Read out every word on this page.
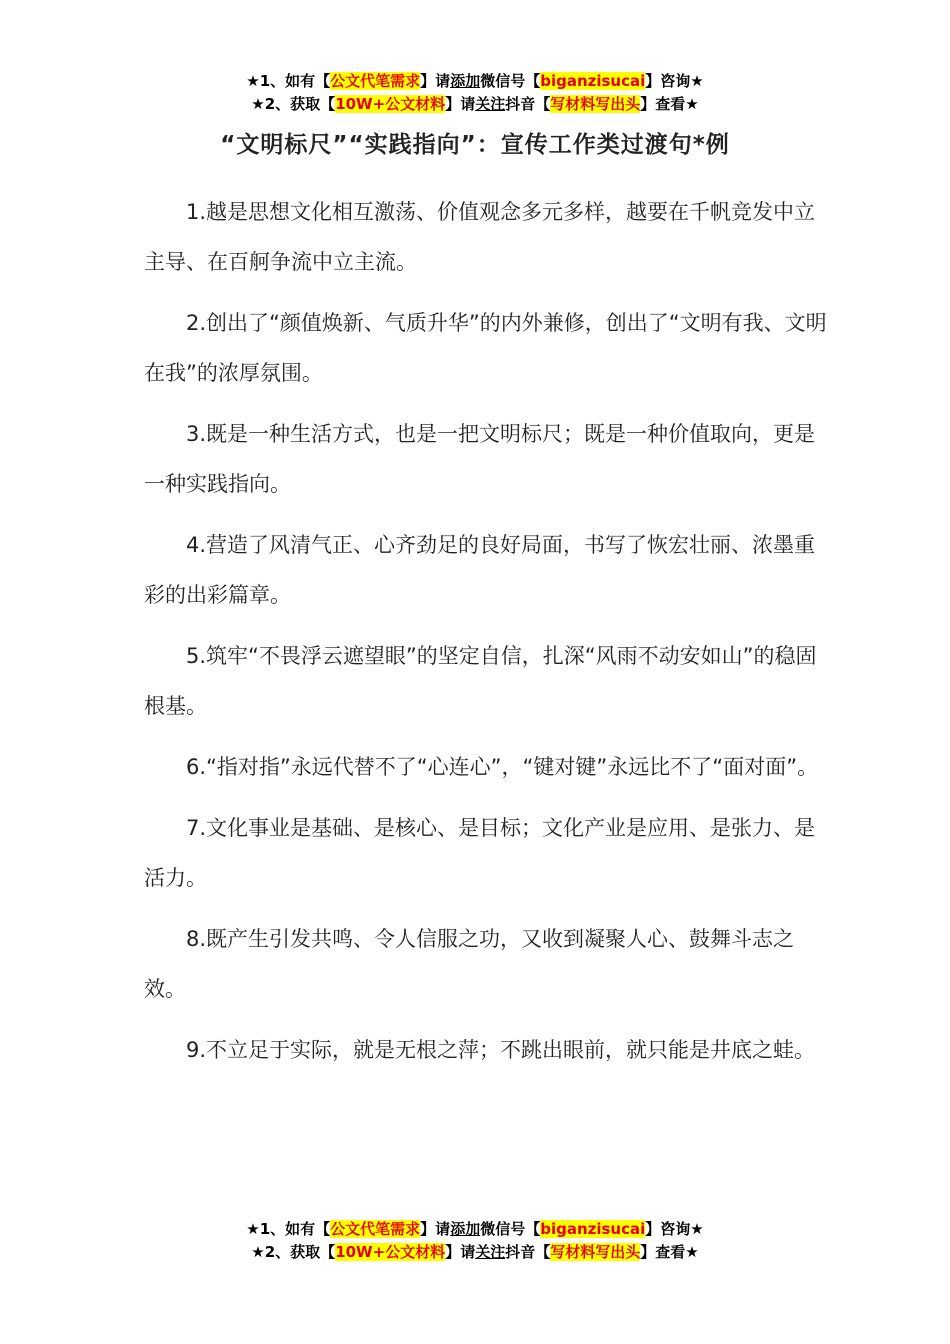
★1、如有【公文代笔需求】请添加微信号【biganzisucai】咨询★
★2、获取【10W+公文材料】请关注抖音【写材料写出头】查看★
“文明标尺”“实践指向”：宣传工作类过渡句*例

1.越是思想文化相互激荡、价值观念多元多样，越要在千帆竞发中立主导、在百舸争流中立主流。

2.创出了“颜值焕新、气质升华”的内外兼修，创出了“文明有我、文明在我”的浓厚氛围。

3.既是一种生活方式，也是一把文明标尺；既是一种价值取向，更是一种实践指向。

4.营造了风清气正、心齐劲足的良好局面，书写了恢宏壮丽、浓墨重彩的出彩篇章。

5.筑牢“不畏浮云遮望眼”的坚定自信，扎深“风雨不动安如山”的稳固根基。

6.“指对指”永远代替不了“心连心”，“键对键”永远比不了“面对面”。

7.文化事业是基础、是核心、是目标；文化产业是应用、是张力、是活力。

8.既产生引发共鸣、令人信服之功，又收到凝聚人心、鼓舞斗志之效。

9.不立足于实际，就是无根之萍；不跳出眼前，就只能是井底之蛙。

★1、如有【公文代笔需求】请添加微信号【biganzisucai】咨询★
★2、获取【10W+公文材料】请关注抖音【写材料写出头】查看★
